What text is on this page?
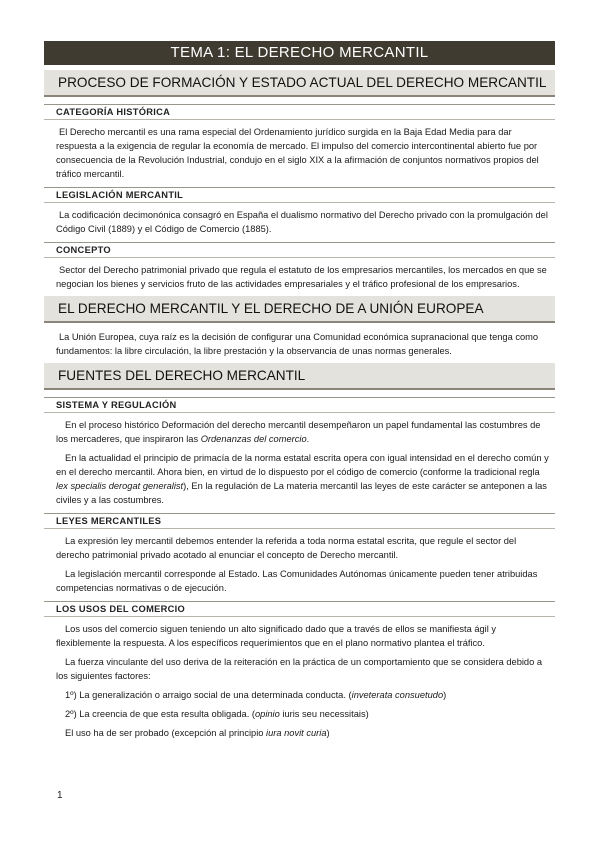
TEMA 1: EL DERECHO MERCANTIL
PROCESO DE FORMACIÓN Y ESTADO ACTUAL DEL DERECHO MERCANTIL
CATEGORÍA HISTÓRICA

El Derecho mercantil es una rama especial del Ordenamiento jurídico surgida en la Baja Edad Media para dar respuesta a la exigencia de regular la economía de mercado. El impulso del comercio intercontinental abierto fue por consecuencia de la Revolución Industrial, condujo en el siglo XIX a la afirmación de conjuntos normativos propios del tráfico mercantil.

LEGISLACIÓN MERCANTIL

La codificación decimonónica consagró en España el dualismo normativo del Derecho privado con la promulgación del Código Civil (1889) y el Código de Comercio (1885).

CONCEPTO

Sector del Derecho patrimonial privado que regula el estatuto de los empresarios mercantiles, los mercados en que se negocian los bienes y servicios fruto de las actividades empresariales y el tráfico profesional de los empresarios.

EL DERECHO MERCANTIL Y EL DERECHO DE A UNIÓN EUROPEA

La Unión Europea, cuya raíz es la decisión de configurar una Comunidad económica supranacional que tenga como fundamentos: la libre circulación, la libre prestación y la observancia de unas normas generales.

FUENTES DEL DERECHO MERCANTIL
SISTEMA Y REGULACIÓN

En el proceso histórico Deformación del derecho mercantil desempeñaron un papel fundamental las costumbres de los mercaderes, que inspiraron las Ordenanzas del comercio.

En la actualidad el principio de primacía de la norma estatal escrita opera con igual intensidad en el derecho común y en el derecho mercantil. Ahora bien, en virtud de lo dispuesto por el código de comercio (conforme la tradicional regla lex specialis derogat generalist), En la regulación de La materia mercantil las leyes de este carácter se anteponen a las civiles y a las costumbres.

LEYES MERCANTILES

La expresión ley mercantil debemos entender la referida a toda norma estatal escrita, que regule el sector del derecho patrimonial privado acotado al enunciar el concepto de Derecho mercantil.

La legislación mercantil corresponde al Estado. Las Comunidades Autónomas únicamente pueden tener atribuidas competencias normativas o de ejecución.

LOS USOS DEL COMERCIO

Los usos del comercio siguen teniendo un alto significado dado que a través de ellos se manifiesta ágil y flexiblemente la respuesta. A los específicos requerimientos que en el plano normativo plantea el tráfico.

La fuerza vinculante del uso deriva de la reiteración en la práctica de un comportamiento que se considera debido a los siguientes factores:

1º) La generalización o arraigo social de una determinada conducta. (inveterata consuetudo)

2º) La creencia de que esta resulta obligada. (opinio iuris seu necessitais)

El uso ha de ser probado (excepción al principio iura novit curia)

1
